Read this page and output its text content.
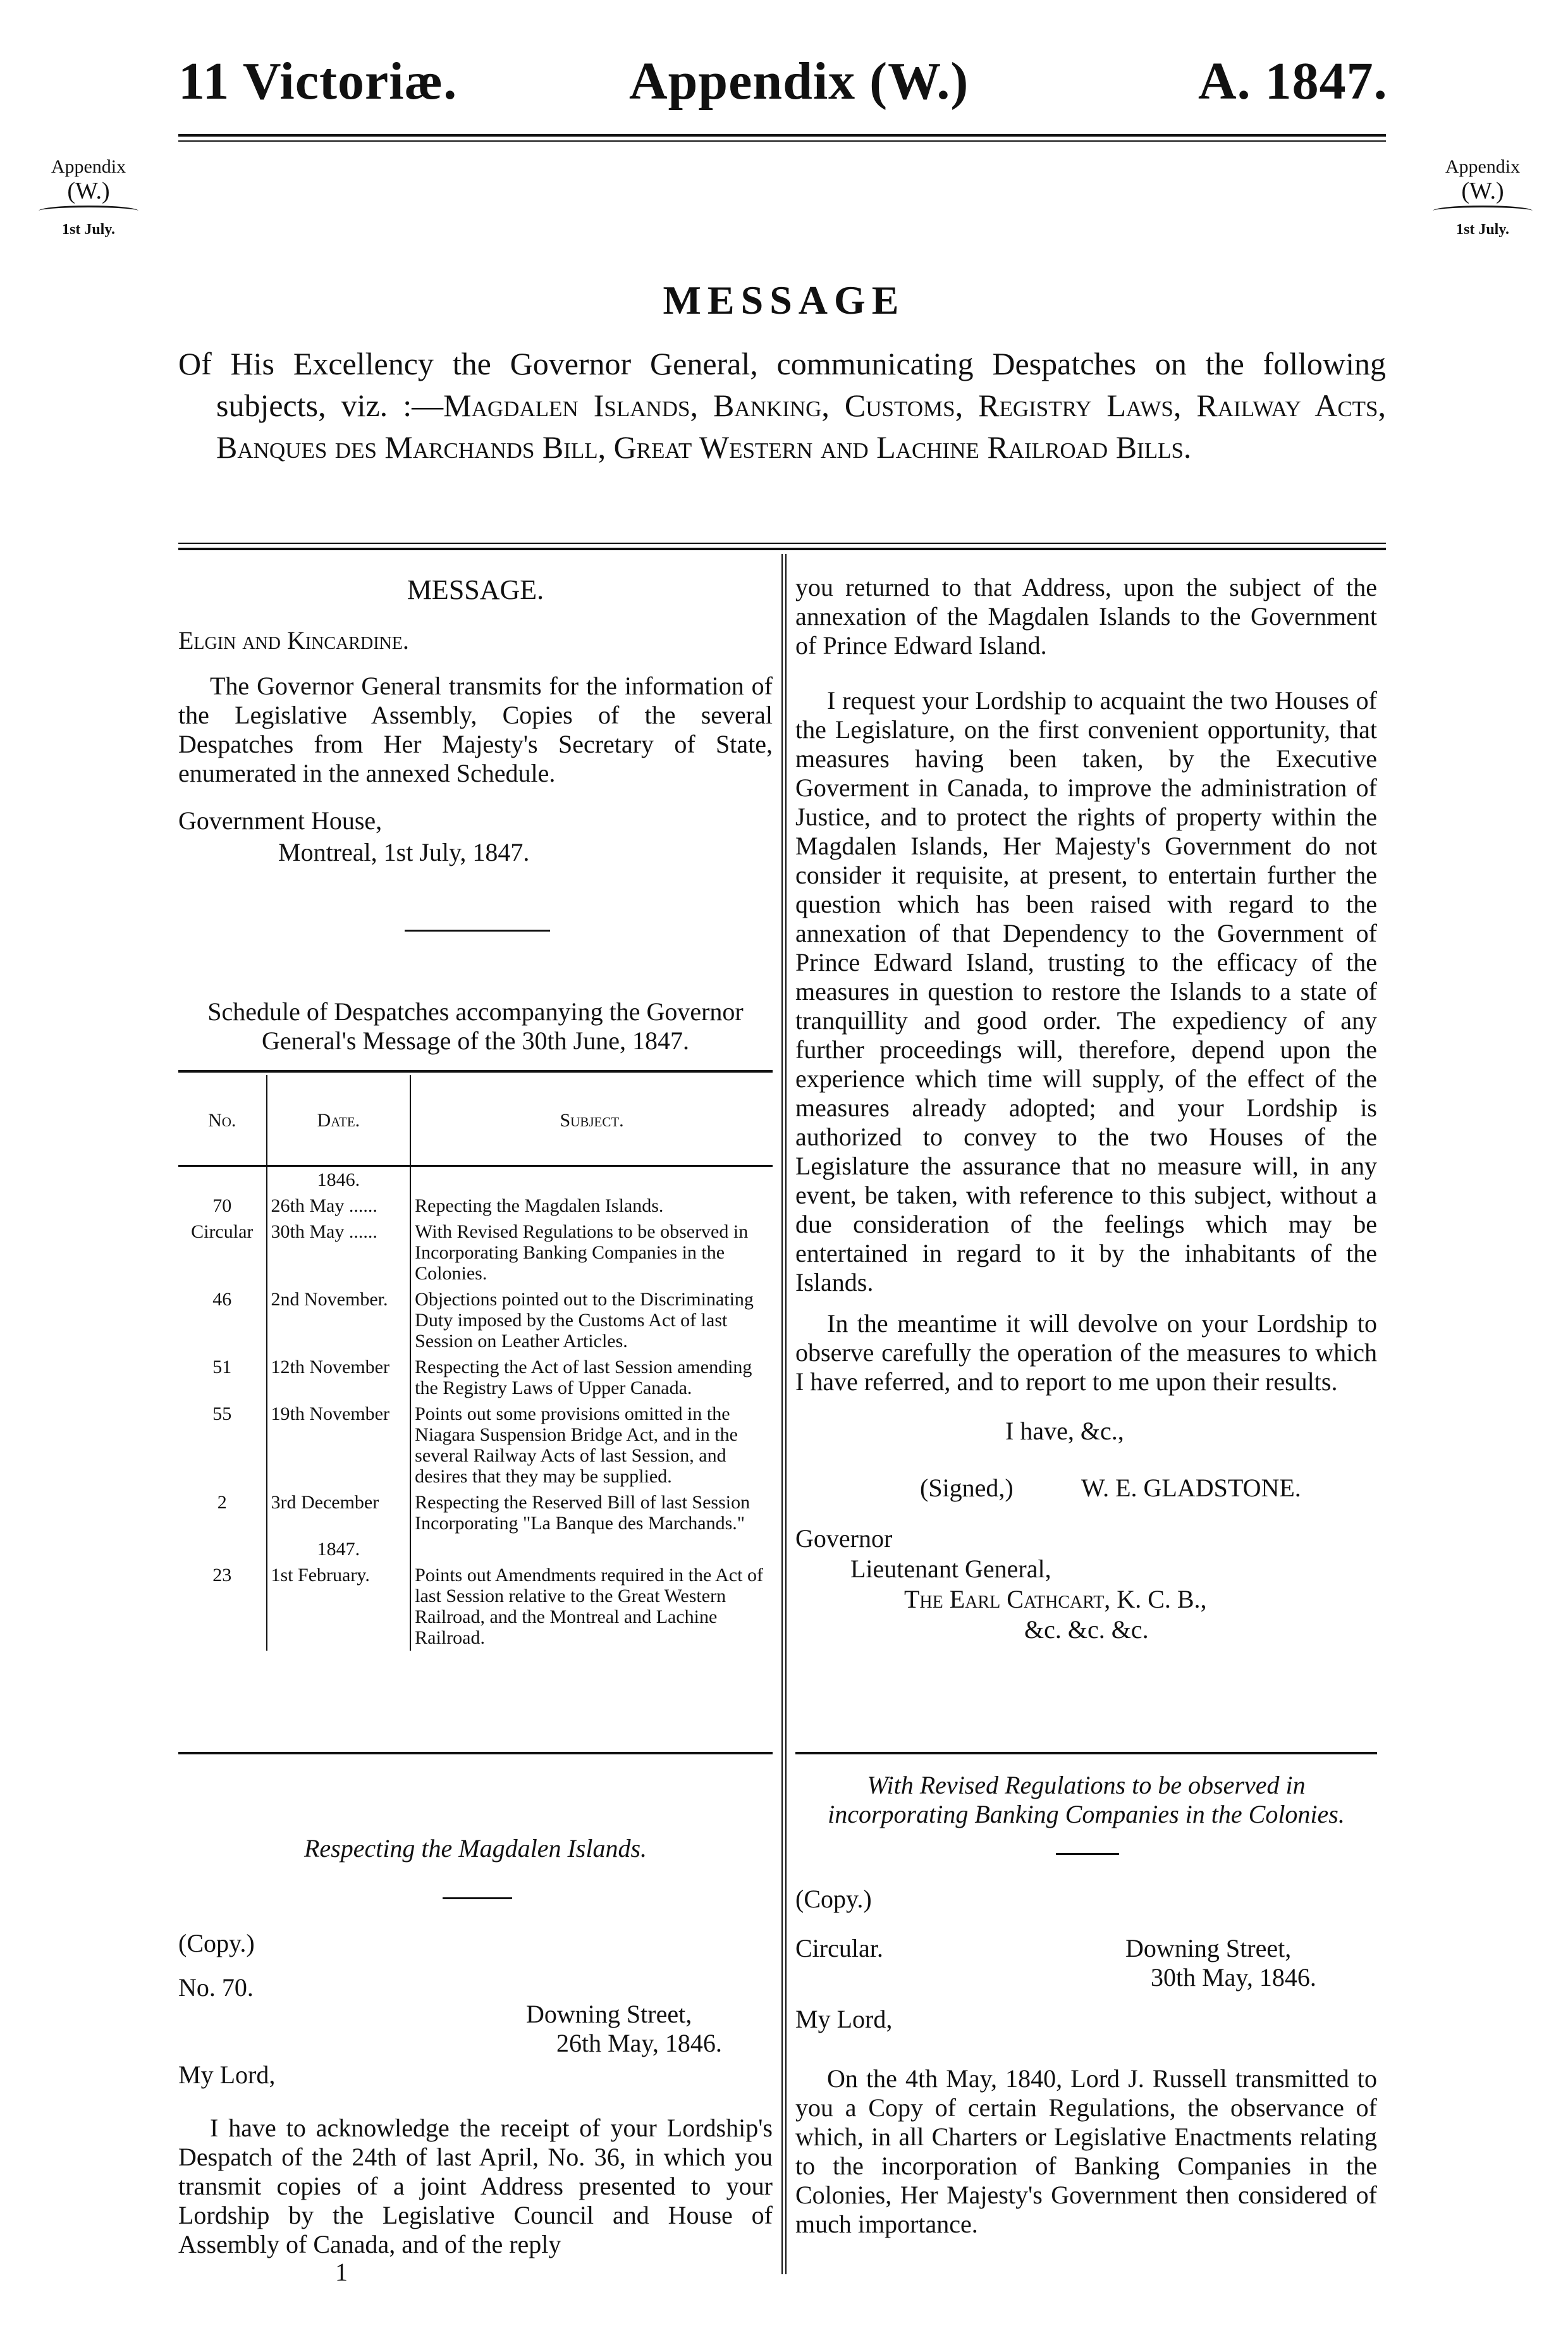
11 Victoriæ.	Appendix (W.)	A. 1847.
Appendix
(W.)
1st July.
Appendix
(W.)
1st July.
MESSAGE
Of His Excellency the Governor General, communicating Despatches on the following subjects, viz. :—Magdalen Islands, Banking, Customs, Registry Laws, Railway Acts, Banques des Marchands Bill, Great Western and Lachine Railroad Bills.
MESSAGE.
Elgin and Kincardine.
The Governor General transmits for the information of the Legislative Assembly, Copies of the several Despatches from Her Majesty's Secretary of State, enumerated in the annexed Schedule.
Government House,
Montreal, 1st July, 1847.
Schedule of Despatches accompanying the Governor General's Message of the 30th June, 1847.
No.	Date.	Subject.
	1846.	
70	26th May ......	Repecting the Magdalen Islands.
Circular	30th May ......	With Revised Regulations to be observed in Incorporating Banking Companies in the Colonies.
46	2nd November.	Objections pointed out to the Discriminating Duty imposed by the Customs Act of last Session on Leather Articles.
51	12th November	Respecting the Act of last Session amending the Registry Laws of Upper Canada.
55	19th November	Points out some provisions omitted in the Niagara Suspension Bridge Act, and in the several Railway Acts of last Session, and desires that they may be supplied.
2	3rd December	Respecting the Reserved Bill of last Session Incorporating "La Banque des Marchands."
	1847.	
23	1st February.	Points out Amendments required in the Act of last Session relative to the Great Western Railroad, and the Montreal and Lachine Railroad.
Respecting the Magdalen Islands.
(Copy.)
No. 70.
Downing Street,
26th May, 1846.
My Lord,
I have to acknowledge the receipt of your Lordship's Despatch of the 24th of last April, No. 36, in which you transmit copies of a joint Address presented to your Lordship by the Legislative Council and House of Assembly of Canada, and of the reply
1
you returned to that Address, upon the subject of the annexation of the Magdalen Islands to the Government of Prince Edward Island.
I request your Lordship to acquaint the two Houses of the Legislature, on the first convenient opportunity, that measures having been taken, by the Executive Goverment in Canada, to improve the administration of Justice, and to protect the rights of property within the Magdalen Islands, Her Majesty's Government do not consider it requisite, at present, to entertain further the question which has been raised with regard to the annexation of that Dependency to the Government of Prince Edward Island, trusting to the efficacy of the measures in question to restore the Islands to a state of tranquillity and good order. The expediency of any further proceedings will, therefore, depend upon the experience which time will supply, of the effect of the measures already adopted; and your Lordship is authorized to convey to the two Houses of the Legislature the assurance that no measure will, in any event, be taken, with reference to this subject, without a due consideration of the feelings which may be entertained in regard to it by the inhabitants of the Islands.
In the meantime it will devolve on your Lordship to observe carefully the operation of the measures to which I have referred, and to report to me upon their results.
I have, &c.,
(Signed,)	W. E. GLADSTONE.
Governor
Lieutenant General,
The Earl Cathcart, K. C. B.,
&c. &c. &c.
With Revised Regulations to be observed in incorporating Banking Companies in the Colonies.
(Copy.)
Circular.	Downing Street,
30th May, 1846.
My Lord,
On the 4th May, 1840, Lord J. Russell transmitted to you a Copy of certain Regulations, the observance of which, in all Charters or Legislative Enactments relating to the incorporation of Banking Companies in the Colonies, Her Majesty's Government then considered of much importance.
